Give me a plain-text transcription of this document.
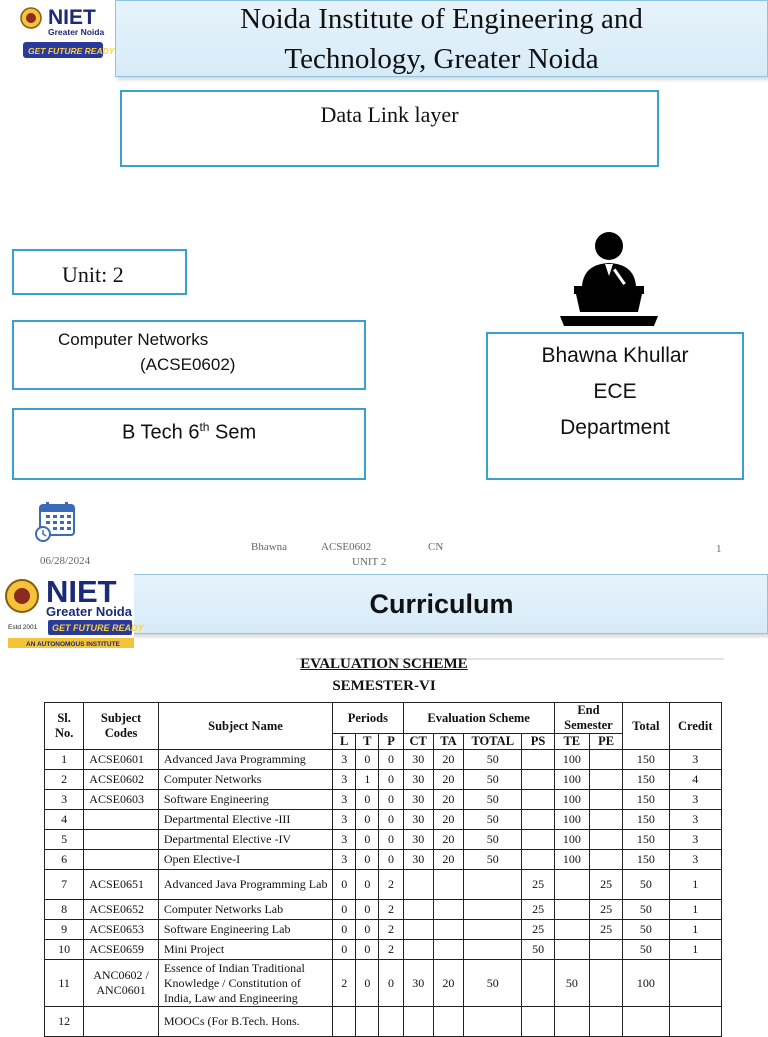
NIET
Greater Noida
GET FUTURE READY
Noida Institute of Engineering and Technology, Greater Noida
Data Link layer
Unit: 2
Computer Networks
(ACSE0602)
B Tech 6th Sem
Bhawna Khullar
ECE
Department
06/28/2024
Bhawna	ACSE0602	CN
UNIT 2
1
Curriculum
Estd 2001
NIET
Greater Noida
GET FUTURE READY
AN AUTONOMOUS INSTITUTE
EVALUATION SCHEME
SEMESTER-VI
Sl. No.	Subject Codes	Subject Name	Periods			Evaluation Scheme				End Semester		Total	Credit
			L	T	P	CT	TA	TOTAL	PS	TE	PE		
1	ACSE0601	Advanced Java Programming	3	0	0	30	20	50		100		150	3
2	ACSE0602	Computer Networks	3	1	0	30	20	50		100		150	4
3	ACSE0603	Software Engineering	3	0	0	30	20	50		100		150	3
4		Departmental Elective -III	3	0	0	30	20	50		100		150	3
5		Departmental Elective -IV	3	0	0	30	20	50		100		150	3
6		Open Elective-I	3	0	0	30	20	50		100		150	3
7	ACSE0651	Advanced Java Programming Lab	0	0	2				25		25	50	1
8	ACSE0652	Computer Networks Lab	0	0	2				25		25	50	1
9	ACSE0653	Software Engineering Lab	0	0	2				25		25	50	1
10	ACSE0659	Mini Project	0	0	2				50			50	1
11	ANC0602 / ANC0601	Essence of Indian Traditional Knowledge / Constitution of India, Law and Engineering	2	0	0	30	20	50		50		100	
12		MOOCs (For B.Tech. Hons.											
